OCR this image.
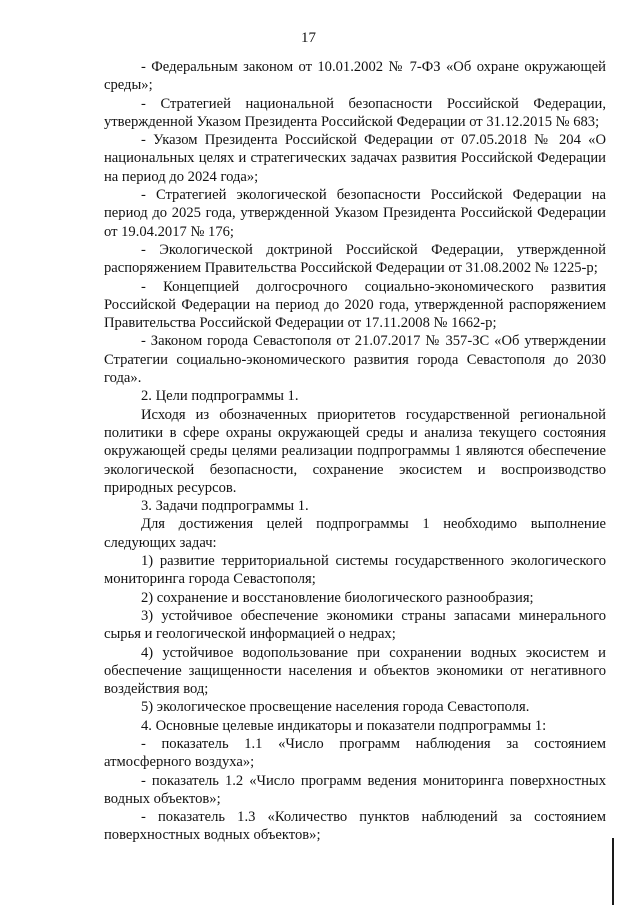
17

- Федеральным законом от 10.01.2002 № 7-ФЗ «Об охране окружающей среды»;

- Стратегией национальной безопасности Российской Федерации, утвержденной Указом Президента Российской Федерации от 31.12.2015 № 683;

- Указом Президента Российской Федерации от 07.05.2018 № 204 «О национальных целях и стратегических задачах развития Российской Федерации на период до 2024 года»;

- Стратегией экологической безопасности Российской Федерации на период до 2025 года, утвержденной Указом Президента Российской Федерации от 19.04.2017 № 176;

- Экологической доктриной Российской Федерации, утвержденной распоряжением Правительства Российской Федерации от 31.08.2002 № 1225-р;

- Концепцией долгосрочного социально-экономического развития Российской Федерации на период до 2020 года, утвержденной распоряжением Правительства Российской Федерации от 17.11.2008 № 1662-р;

- Законом города Севастополя от 21.07.2017 № 357-ЗС «Об утверждении Стратегии социально-экономического развития города Севастополя до 2030 года».

2. Цели подпрограммы 1.

Исходя из обозначенных приоритетов государственной региональной политики в сфере охраны окружающей среды и анализа текущего состояния окружающей среды целями реализации подпрограммы 1 являются обеспечение экологической безопасности, сохранение экосистем и воспроизводство природных ресурсов.

3. Задачи подпрограммы 1.

Для достижения целей подпрограммы 1 необходимо выполнение следующих задач:

1) развитие территориальной системы государственного экологического мониторинга города Севастополя;

2) сохранение и восстановление биологического разнообразия;

3) устойчивое обеспечение экономики страны запасами минерального сырья и геологической информацией о недрах;

4) устойчивое водопользование при сохранении водных экосистем и обеспечение защищенности населения и объектов экономики от негативного воздействия вод;

5) экологическое просвещение населения города Севастополя.

4. Основные целевые индикаторы и показатели подпрограммы 1:

- показатель 1.1 «Число программ наблюдения за состоянием атмосферного воздуха»;

- показатель 1.2 «Число программ ведения мониторинга поверхностных водных объектов»;

- показатель 1.3 «Количество пунктов наблюдений за состоянием поверхностных водных объектов»;
